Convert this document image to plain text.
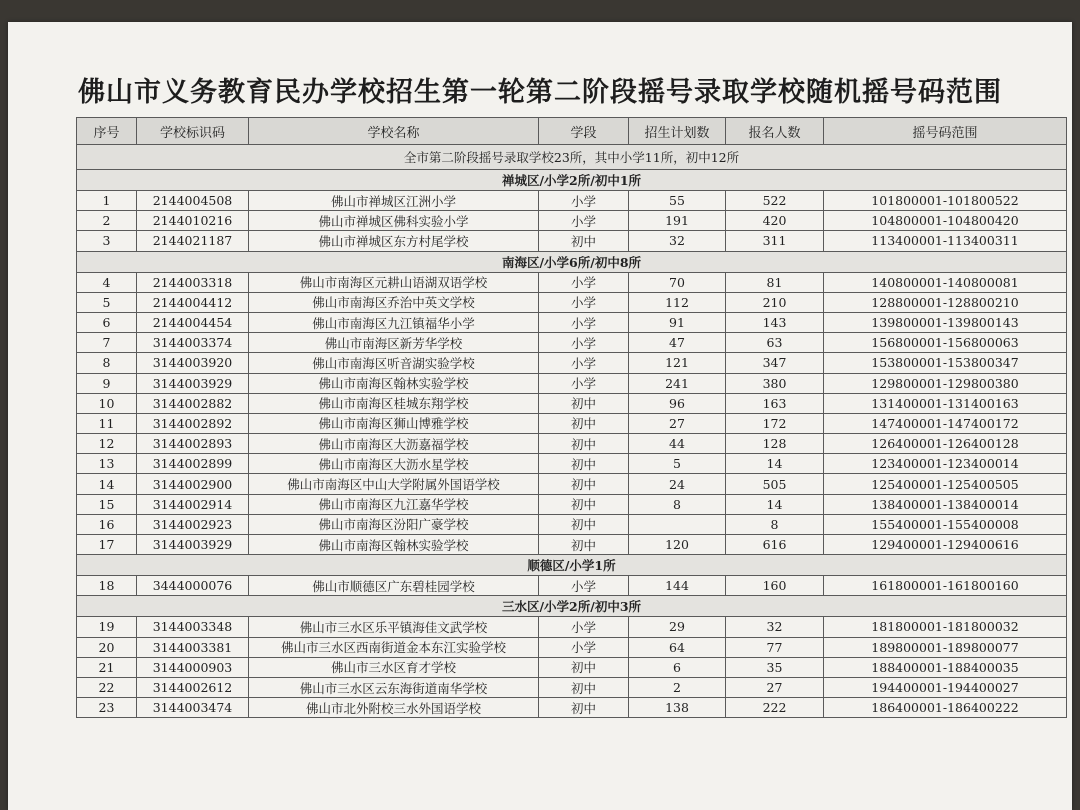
佛山市义务教育民办学校招生第一轮第二阶段摇号录取学校随机摇号码范围
序号	学校标识码	学校名称	学段	招生计划数	报名人数	摇号码范围
全市第二阶段摇号录取学校23所，其中小学11所，初中12所						
禅城区/小学2所/初中1所						
1	2144004508	佛山市禅城区江洲小学	小学	55	522	101800001-101800522
2	2144010216	佛山市禅城区佛科实验小学	小学	191	420	104800001-104800420
3	2144021187	佛山市禅城区东方村尾学校	初中	32	311	113400001-113400311
南海区/小学6所/初中8所						
4	2144003318	佛山市南海区元耕山语湖双语学校	小学	70	81	140800001-140800081
5	2144004412	佛山市南海区乔治中英文学校	小学	112	210	128800001-128800210
6	2144004454	佛山市南海区九江镇福华小学	小学	91	143	139800001-139800143
7	3144003374	佛山市南海区新芳华学校	小学	47	63	156800001-156800063
8	3144003920	佛山市南海区听音湖实验学校	小学	121	347	153800001-153800347
9	3144003929	佛山市南海区翰林实验学校	小学	241	380	129800001-129800380
10	3144002882	佛山市南海区桂城东翔学校	初中	96	163	131400001-131400163
11	3144002892	佛山市南海区狮山博雅学校	初中	27	172	147400001-147400172
12	3144002893	佛山市南海区大沥嘉福学校	初中	44	128	126400001-126400128
13	3144002899	佛山市南海区大沥水星学校	初中	5	14	123400001-123400014
14	3144002900	佛山市南海区中山大学附属外国语学校	初中	24	505	125400001-125400505
15	3144002914	佛山市南海区九江嘉华学校	初中	8	14	138400001-138400014
16	3144002923	佛山市南海区汾阳广豪学校	初中		8	155400001-155400008
17	3144003929	佛山市南海区翰林实验学校	初中	120	616	129400001-129400616
顺德区/小学1所						
18	3444000076	佛山市顺德区广东碧桂园学校	小学	144	160	161800001-161800160
三水区/小学2所/初中3所						
19	3144003348	佛山市三水区乐平镇海佳文武学校	小学	29	32	181800001-181800032
20	3144003381	佛山市三水区西南街道金本东江实验学校	小学	64	77	189800001-189800077
21	3144000903	佛山市三水区育才学校	初中	6	35	188400001-188400035
22	3144002612	佛山市三水区云东海街道南华学校	初中	2	27	194400001-194400027
23	3144003474	佛山市北外附校三水外国语学校	初中	138	222	186400001-186400222
